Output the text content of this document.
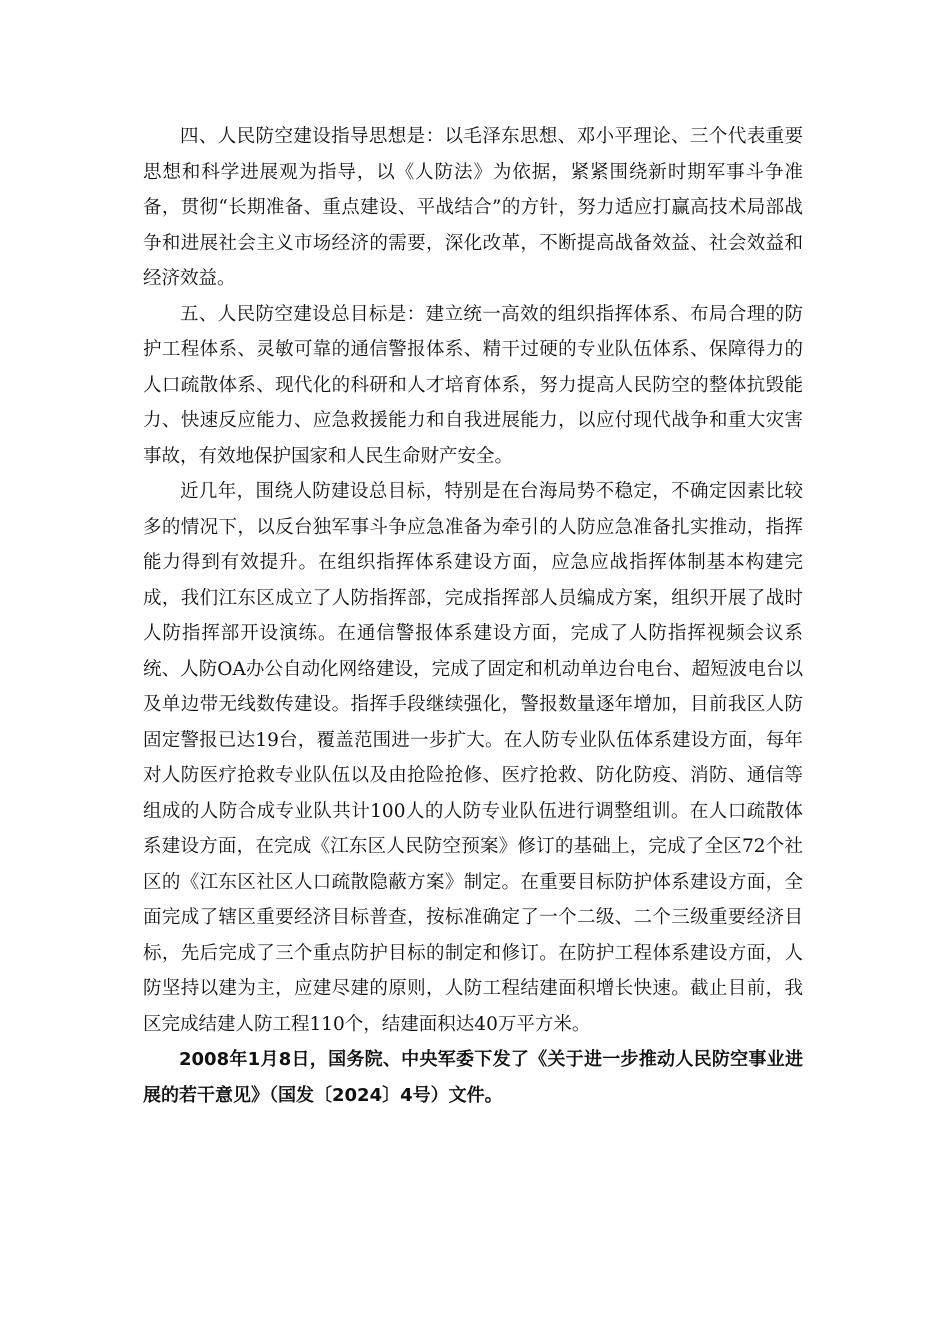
四、人民防空建设指导思想是：以毛泽东思想、邓小平理论、三个代表重要思想和科学进展观为指导，以《人防法》为依据，紧紧围绕新时期军事斗争准备，贯彻“长期准备、重点建设、平战结合”的方针，努力适应打赢高技术局部战争和进展社会主义市场经济的需要，深化改革，不断提高战备效益、社会效益和经济效益。

五、人民防空建设总目标是：建立统一高效的组织指挥体系、布局合理的防护工程体系、灵敏可靠的通信警报体系、精干过硬的专业队伍体系、保障得力的人口疏散体系、现代化的科研和人才培育体系，努力提高人民防空的整体抗毁能力、快速反应能力、应急救援能力和自我进展能力，以应付现代战争和重大灾害事故，有效地保护国家和人民生命财产安全。

近几年，围绕人防建设总目标，特别是在台海局势不稳定，不确定因素比较多的情况下，以反台独军事斗争应急准备为牵引的人防应急准备扎实推动，指挥能力得到有效提升。在组织指挥体系建设方面，应急应战指挥体制基本构建完成，我们江东区成立了人防指挥部，完成指挥部人员编成方案，组织开展了战时人防指挥部开设演练。在通信警报体系建设方面，完成了人防指挥视频会议系统、人防OA办公自动化网络建设，完成了固定和机动单边台电台、超短波电台以及单边带无线数传建设。指挥手段继续强化，警报数量逐年增加，目前我区人防固定警报已达19台，覆盖范围进一步扩大。在人防专业队伍体系建设方面，每年对人防医疗抢救专业队伍以及由抢险抢修、医疗抢救、防化防疫、消防、通信等组成的人防合成专业队共计100人的人防专业队伍进行调整组训。在人口疏散体系建设方面，在完成《江东区人民防空预案》修订的基础上，完成了全区72个社区的《江东区社区人口疏散隐蔽方案》制定。在重要目标防护体系建设方面，全面完成了辖区重要经济目标普查，按标准确定了一个二级、二个三级重要经济目标，先后完成了三个重点防护目标的制定和修订。在防护工程体系建设方面，人防坚持以建为主，应建尽建的原则，人防工程结建面积增长快速。截止目前，我区完成结建人防工程110个，结建面积达40万平方米。

2008年1月8日，国务院、中央军委下发了《关于进一步推动人民防空事业进展的若干意见》（国发〔2024〕4号）文件。
